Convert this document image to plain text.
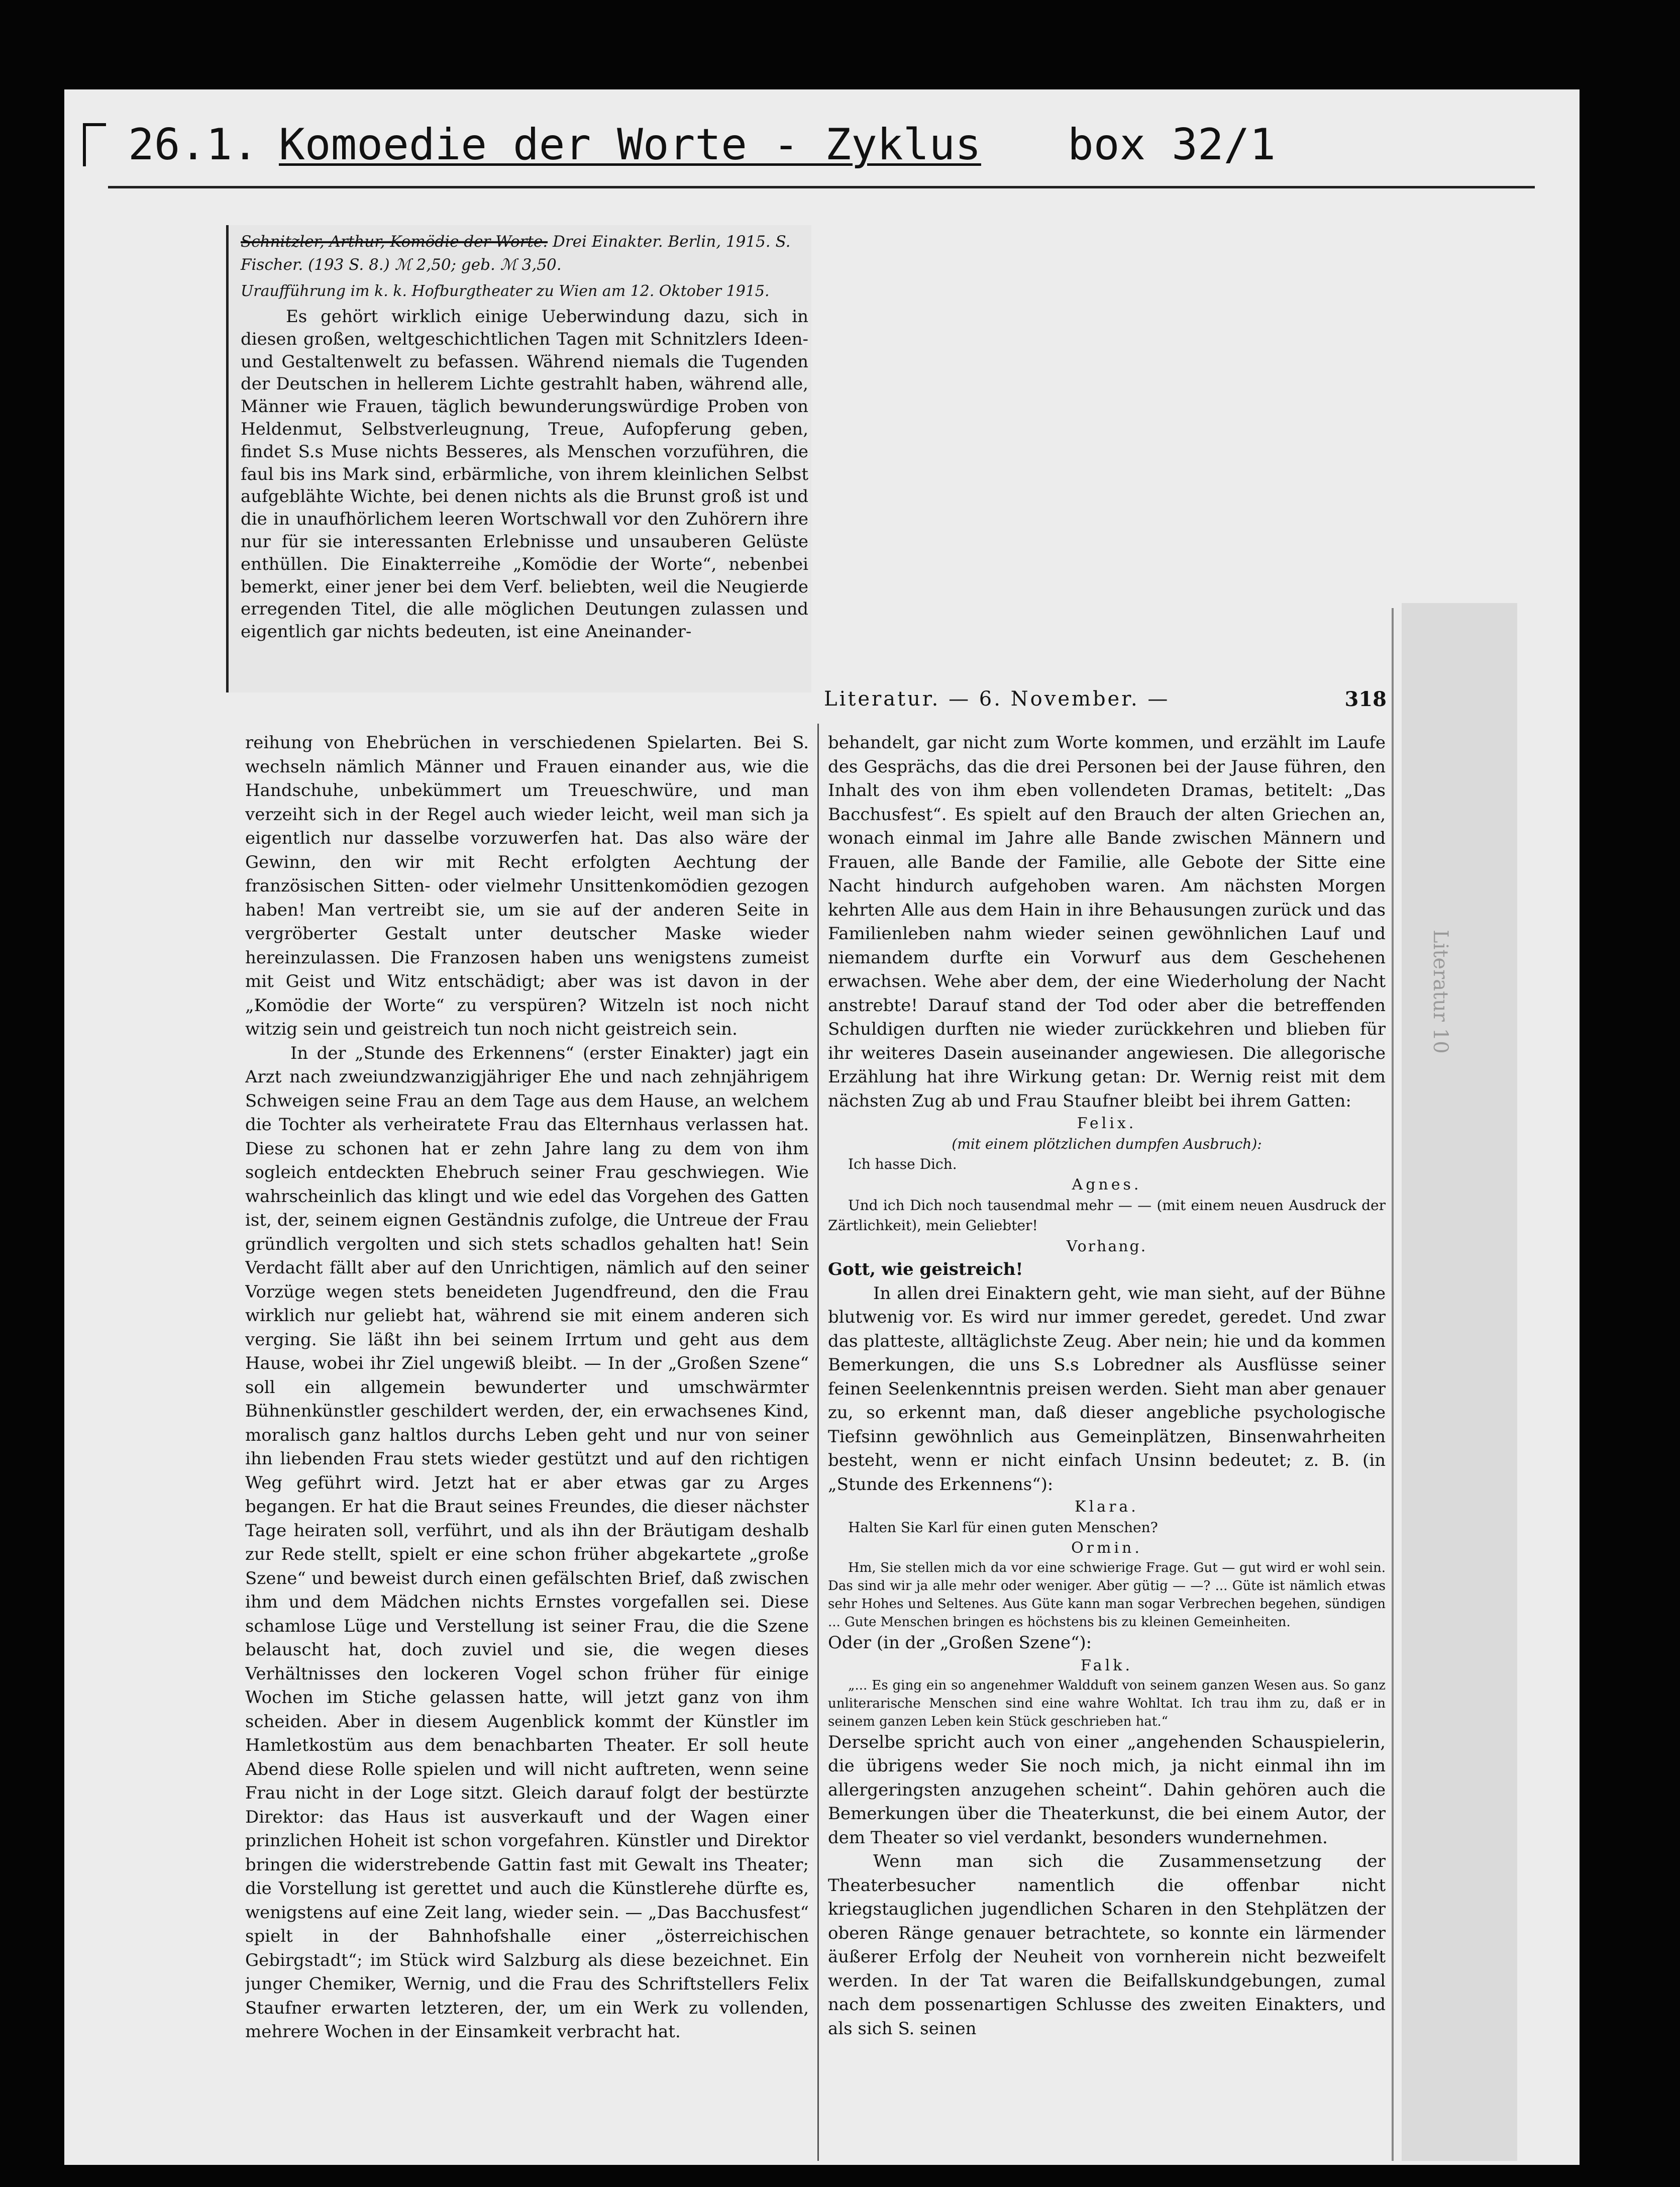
26.1. Komoedie der Worte - Zyklus box 32/1
Literatur 10
Schnitzler, Arthur, Komödie der Worte. Drei Einakter. Berlin, 1915. S. Fischer. (193 S. 8.) ℳ 2,50; geb. ℳ 3,50.
Uraufführung im k. k. Hofburgtheater zu Wien am 12. Oktober 1915.
Es gehört wirklich einige Ueberwindung dazu, sich in diesen großen, weltgeschichtlichen Tagen mit Schnitzlers Ideen- und Gestaltenwelt zu befassen. Während niemals die Tugenden der Deutschen in hellerem Lichte gestrahlt haben, während alle, Männer wie Frauen, täglich bewunderungswürdige Proben von Heldenmut, Selbstverleugnung, Treue, Aufopferung geben, findet S.s Muse nichts Besseres, als Menschen vorzuführen, die faul bis ins Mark sind, erbärmliche, von ihrem kleinlichen Selbst aufgeblähte Wichte, bei denen nichts als die Brunst groß ist und die in unaufhörlichem leeren Wortschwall vor den Zuhörern ihre nur für sie interessanten Erlebnisse und unsauberen Gelüste enthüllen. Die Einakterreihe „Komödie der Worte“, nebenbei bemerkt, einer jener bei dem Verf. beliebten, weil die Neugierde erregenden Titel, die alle möglichen Deutungen zulassen und eigentlich gar nichts bedeuten, ist eine Aneinander-
Literatur. — 6. November. —	318

reihung von Ehebrüchen in verschiedenen Spielarten. Bei S. wechseln nämlich Männer und Frauen einander aus, wie die Handschuhe, unbekümmert um Treueschwüre, und man verzeiht sich in der Regel auch wieder leicht, weil man sich ja eigentlich nur dasselbe vorzuwerfen hat. Das also wäre der Gewinn, den wir mit Recht erfolgten Aechtung der französischen Sitten- oder vielmehr Unsittenkomödien gezogen haben! Man vertreibt sie, um sie auf der anderen Seite in vergröberter Gestalt unter deutscher Maske wieder hereinzulassen. Die Franzosen haben uns wenigstens zumeist mit Geist und Witz entschädigt; aber was ist davon in der „Komödie der Worte“ zu verspüren? Witzeln ist noch nicht witzig sein und geistreich tun noch nicht geistreich sein.

In der „Stunde des Erkennens“ (erster Einakter) jagt ein Arzt nach zweiundzwanzigjähriger Ehe und nach zehnjährigem Schweigen seine Frau an dem Tage aus dem Hause, an welchem die Tochter als verheiratete Frau das Elternhaus verlassen hat. Diese zu schonen hat er zehn Jahre lang zu dem von ihm sogleich entdeckten Ehebruch seiner Frau geschwiegen. Wie wahrscheinlich das klingt und wie edel das Vorgehen des Gatten ist, der, seinem eignen Geständnis zufolge, die Untreue der Frau gründlich vergolten und sich stets schadlos gehalten hat! Sein Verdacht fällt aber auf den Unrichtigen, nämlich auf den seiner Vorzüge wegen stets beneideten Jugendfreund, den die Frau wirklich nur geliebt hat, während sie mit einem anderen sich verging. Sie läßt ihn bei seinem Irrtum und geht aus dem Hause, wobei ihr Ziel ungewiß bleibt. — In der „Großen Szene“ soll ein allgemein bewunderter und umschwärmter Bühnenkünstler geschildert werden, der, ein erwachsenes Kind, moralisch ganz haltlos durchs Leben geht und nur von seiner ihn liebenden Frau stets wieder gestützt und auf den richtigen Weg geführt wird. Jetzt hat er aber etwas gar zu Arges begangen. Er hat die Braut seines Freundes, die dieser nächster Tage heiraten soll, verführt, und als ihn der Bräutigam deshalb zur Rede stellt, spielt er eine schon früher abgekartete „große Szene“ und beweist durch einen gefälschten Brief, daß zwischen ihm und dem Mädchen nichts Ernstes vorgefallen sei. Diese schamlose Lüge und Verstellung ist seiner Frau, die die Szene belauscht hat, doch zuviel und sie, die wegen dieses Verhältnisses den lockeren Vogel schon früher für einige Wochen im Stiche gelassen hatte, will jetzt ganz von ihm scheiden. Aber in diesem Augenblick kommt der Künstler im Hamletkostüm aus dem benachbarten Theater. Er soll heute Abend diese Rolle spielen und will nicht auftreten, wenn seine Frau nicht in der Loge sitzt. Gleich darauf folgt der bestürzte Direktor: das Haus ist ausverkauft und der Wagen einer prinzlichen Hoheit ist schon vorgefahren. Künstler und Direktor bringen die widerstrebende Gattin fast mit Gewalt ins Theater; die Vorstellung ist gerettet und auch die Künstlerehe dürfte es, wenigstens auf eine Zeit lang, wieder sein. — „Das Bacchusfest“ spielt in der Bahnhofshalle einer „österreichischen Gebirgstadt“; im Stück wird Salzburg als diese bezeichnet. Ein junger Chemiker, Wernig, und die Frau des Schriftstellers Felix Staufner erwarten letzteren, der, um ein Werk zu vollenden, mehrere Wochen in der Einsamkeit verbracht hat.

behandelt, gar nicht zum Worte kommen, und erzählt im Laufe des Gesprächs, das die drei Personen bei der Jause führen, den Inhalt des von ihm eben vollendeten Dramas, betitelt: „Das Bacchusfest“. Es spielt auf den Brauch der alten Griechen an, wonach einmal im Jahre alle Bande zwischen Männern und Frauen, alle Bande der Familie, alle Gebote der Sitte eine Nacht hindurch aufgehoben waren. Am nächsten Morgen kehrten Alle aus dem Hain in ihre Behausungen zurück und das Familienleben nahm wieder seinen gewöhnlichen Lauf und niemandem durfte ein Vorwurf aus dem Geschehenen erwachsen. Wehe aber dem, der eine Wiederholung der Nacht anstrebte! Darauf stand der Tod oder aber die betreffenden Schuldigen durften nie wieder zurückkehren und blieben für ihr weiteres Dasein auseinander angewiesen. Die allegorische Erzählung hat ihre Wirkung getan: Dr. Wernig reist mit dem nächsten Zug ab und Frau Staufner bleibt bei ihrem Gatten:

Felix.

(mit einem plötzlichen dumpfen Ausbruch):

Ich hasse Dich.

Agnes.

Und ich Dich noch tausendmal mehr — — (mit einem neuen Ausdruck der Zärtlichkeit), mein Geliebter!

Vorhang.

Gott, wie geistreich!

In allen drei Einaktern geht, wie man sieht, auf der Bühne blutwenig vor. Es wird nur immer geredet, geredet. Und zwar das platteste, alltäglichste Zeug. Aber nein; hie und da kommen Bemerkungen, die uns S.s Lobredner als Ausflüsse seiner feinen Seelenkenntnis preisen werden. Sieht man aber genauer zu, so erkennt man, daß dieser angebliche psychologische Tiefsinn gewöhnlich aus Gemeinplätzen, Binsenwahrheiten besteht, wenn er nicht einfach Unsinn bedeutet; z. B. (in „Stunde des Erkennens“):

Klara.

Halten Sie Karl für einen guten Menschen?

Ormin.

Hm, Sie stellen mich da vor eine schwierige Frage. Gut — gut wird er wohl sein. Das sind wir ja alle mehr oder weniger. Aber gütig — —? ... Güte ist nämlich etwas sehr Hohes und Seltenes. Aus Güte kann man sogar Verbrechen begehen, sündigen ... Gute Menschen bringen es höchstens bis zu kleinen Gemeinheiten.

Oder (in der „Großen Szene“):

Falk.

„... Es ging ein so angenehmer Waldduft von seinem ganzen Wesen aus. So ganz unliterarische Menschen sind eine wahre Wohltat. Ich trau ihm zu, daß er in seinem ganzen Leben kein Stück geschrieben hat.“

Derselbe spricht auch von einer „angehenden Schauspielerin, die übrigens weder Sie noch mich, ja nicht einmal ihn im allergeringsten anzugehen scheint“. Dahin gehören auch die Bemerkungen über die Theaterkunst, die bei einem Autor, der dem Theater so viel verdankt, besonders wundernehmen.

Wenn man sich die Zusammensetzung der Theaterbesucher namentlich die offenbar nicht kriegstauglichen jugendlichen Scharen in den Stehplätzen der oberen Ränge genauer betrachtete, so konnte ein lärmender äußerer Erfolg der Neuheit von vornherein nicht bezweifelt werden. In der Tat waren die Beifallskundgebungen, zumal nach dem possenartigen Schlusse des zweiten Einakters, und als sich S. seinen
